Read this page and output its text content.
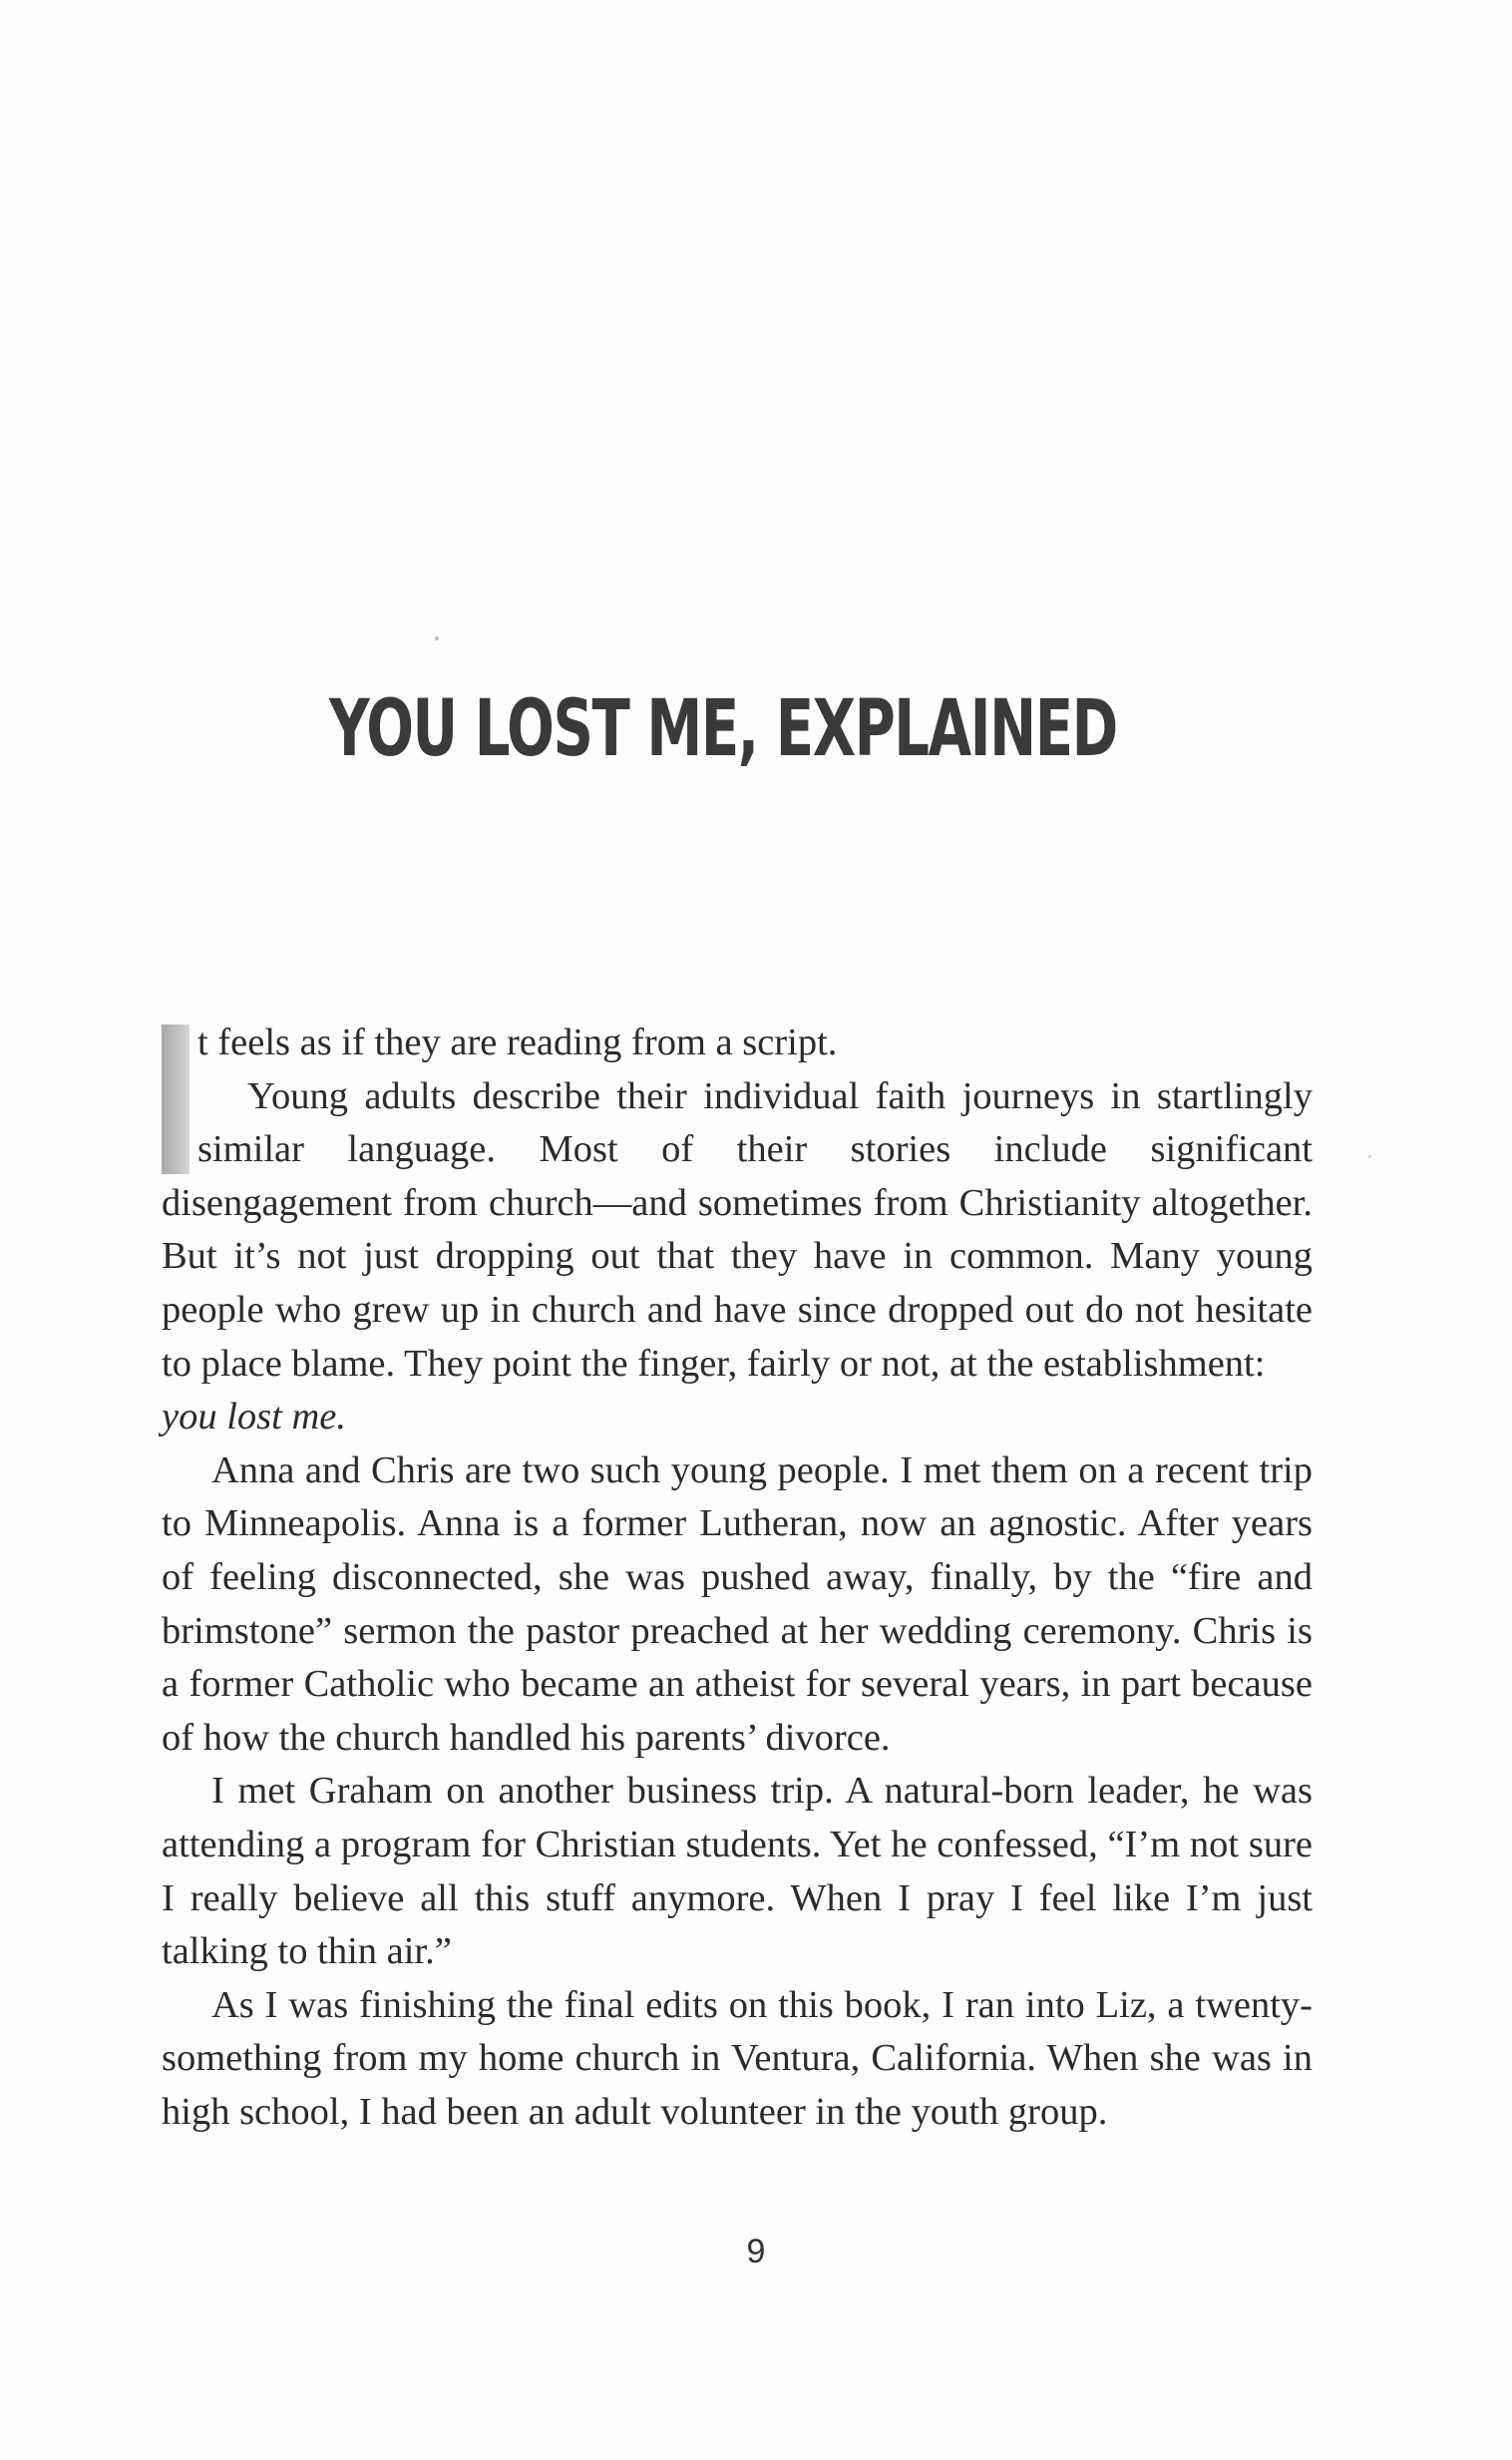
YOU LOST ME, EXPLAINED

t feels as if they are reading from a script.

Young adults describe their individual faith journeys in startlingly similar language. Most of their stories include significant disengagement from church—and sometimes from Christianity altogether. But it’s not just dropping out that they have in common. Many young people who grew up in church and have since dropped out do not hesitate to place blame. They point the finger, fairly or not, at the establishment:
you lost me.

Anna and Chris are two such young people. I met them on a recent trip to Minneapolis. Anna is a former Lutheran, now an agnostic. After years of feeling disconnected, she was pushed away, finally, by the “fire and brimstone” sermon the pastor preached at her wedding ceremony. Chris is a former Catholic who became an atheist for several years, in part because of how the church handled his parents’ divorce.

I met Graham on another business trip. A natural-born leader, he was attending a program for Christian students. Yet he confessed, “I’m not sure I really believe all this stuff anymore. When I pray I feel like I’m just talking to thin air.”

As I was finishing the final edits on this book, I ran into Liz, a twenty-something from my home church in Ventura, California. When she was in high school, I had been an adult volunteer in the youth group.

9
